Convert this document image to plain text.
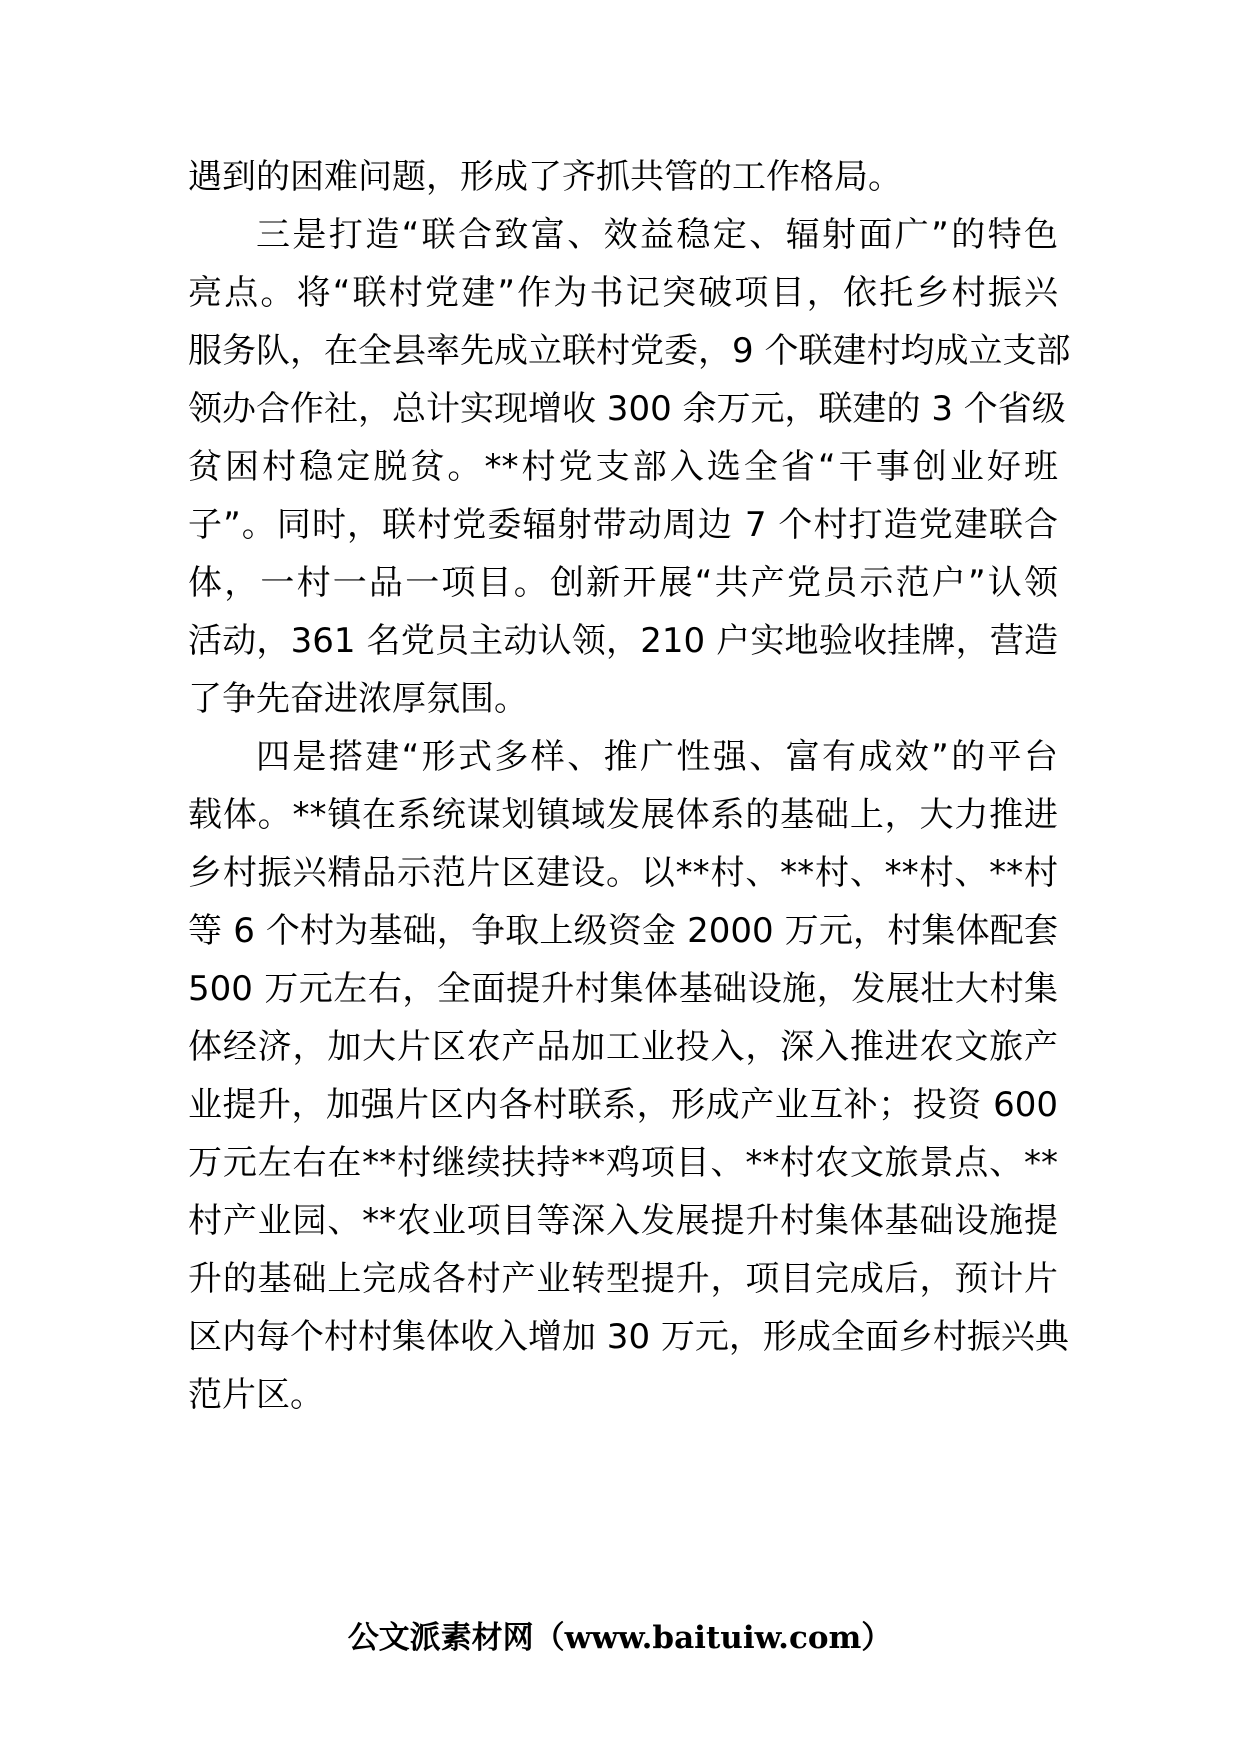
遇到的困难问题，形成了齐抓共管的工作格局。
三是打造“联合致富、效益稳定、辐射面广”的特色
亮点。将“联村党建”作为书记突破项目，依托乡村振兴
服务队，在全县率先成立联村党委，9 个联建村均成立支部
领办合作社，总计实现增收 300 余万元，联建的 3 个省级
贫困村稳定脱贫。**村党支部入选全省“干事创业好班
子”。同时，联村党委辐射带动周边 7 个村打造党建联合
体，一村一品一项目。创新开展“共产党员示范户”认领
活动，361 名党员主动认领，210 户实地验收挂牌，营造
了争先奋进浓厚氛围。
四是搭建“形式多样、推广性强、富有成效”的平台
载体。**镇在系统谋划镇域发展体系的基础上，大力推进
乡村振兴精品示范片区建设。以**村、**村、**村、**村
等 6 个村为基础，争取上级资金 2000 万元，村集体配套
500 万元左右，全面提升村集体基础设施，发展壮大村集
体经济，加大片区农产品加工业投入，深入推进农文旅产
业提升，加强片区内各村联系，形成产业互补；投资 600
万元左右在**村继续扶持**鸡项目、**村农文旅景点、**
村产业园、**农业项目等深入发展提升村集体基础设施提
升的基础上完成各村产业转型提升，项目完成后，预计片
区内每个村村集体收入增加 30 万元，形成全面乡村振兴典
范片区。
公文派素材网（www.baituiw.com）
